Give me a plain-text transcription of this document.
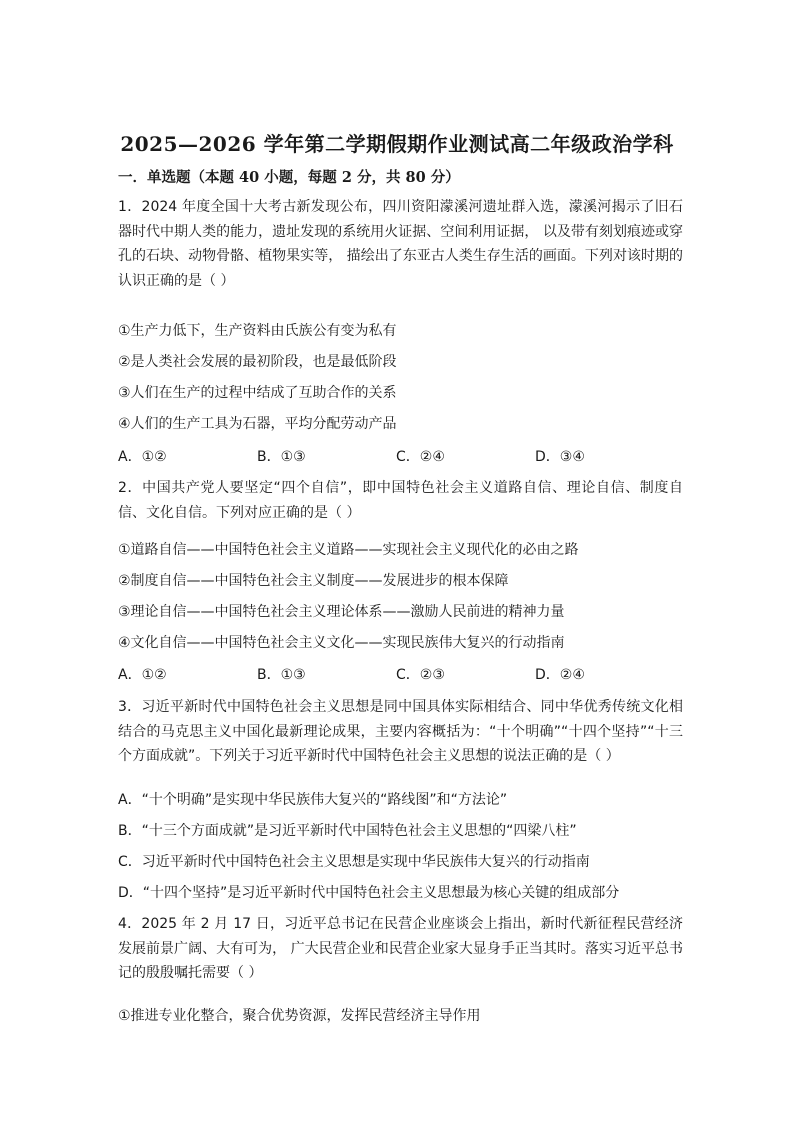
2025—2026 学年第二学期假期作业测试高二年级政治学科
一．单选题（本题 40 小题，每题 2 分，共 80 分）
1．2024 年度全国十大考古新发现公布，四川资阳濛溪河遗址群入选，濛溪河揭示了旧石器时代中期人类的能力，遗址发现的系统用火证据、空间利用证据， 以及带有刻划痕迹或穿孔的石块、动物骨骼、植物果实等， 描绘出了东亚古人类生存生活的画面。下列对该时期的认识正确的是（ ）
①生产力低下，生产资料由氏族公有变为私有
②是人类社会发展的最初阶段，也是最低阶段
③人们在生产的过程中结成了互助合作的关系
④人们的生产工具为石器，平均分配劳动产品
A．①②	B．①③	C．②④	D．③④
2．中国共产党人要坚定“四个自信”，即中国特色社会主义道路自信、理论自信、制度自信、文化自信。下列对应正确的是（ ）
①道路自信——中国特色社会主义道路——实现社会主义现代化的必由之路
②制度自信——中国特色社会主义制度——发展进步的根本保障
③理论自信——中国特色社会主义理论体系——激励人民前进的精神力量
④文化自信——中国特色社会主义文化——实现民族伟大复兴的行动指南
A．①②	B．①③	C．②③	D．②④
3．习近平新时代中国特色社会主义思想是同中国具体实际相结合、同中华优秀传统文化相结合的马克思主义中国化最新理论成果，主要内容概括为：“十个明确”“十四个坚持”“十三个方面成就”。下列关于习近平新时代中国特色社会主义思想的说法正确的是（ ）
A．“十个明确”是实现中华民族伟大复兴的“路线图”和“方法论”
B．“十三个方面成就”是习近平新时代中国特色社会主义思想的“四梁八柱”
C．习近平新时代中国特色社会主义思想是实现中华民族伟大复兴的行动指南
D．“十四个坚持”是习近平新时代中国特色社会主义思想最为核心关键的组成部分
4．2025 年 2 月 17 日，习近平总书记在民营企业座谈会上指出，新时代新征程民营经济发展前景广阔、大有可为， 广大民营企业和民营企业家大显身手正当其时。落实习近平总书记的殷殷嘱托需要（ ）
①推进专业化整合，聚合优势资源，发挥民营经济主导作用
